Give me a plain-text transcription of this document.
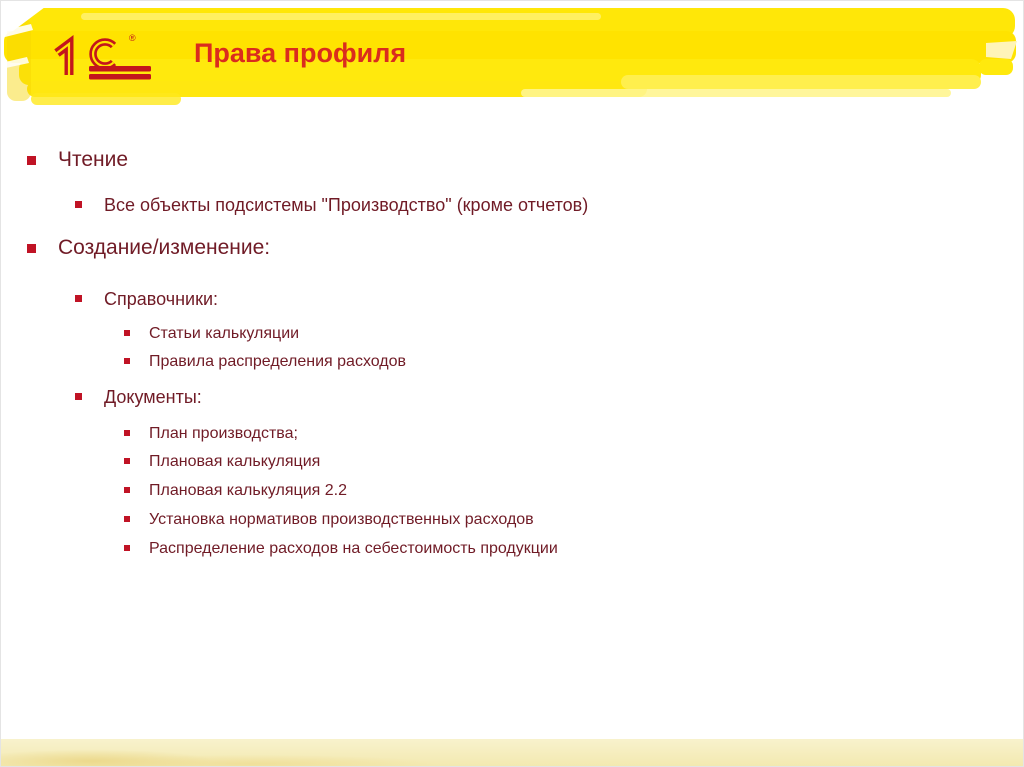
® Права профиля
Чтение
Все объекты подсистемы "Производство" (кроме отчетов)
Создание/изменение:
Справочники:
Статьи калькуляции
Правила распределения расходов
Документы:
План производства;
Плановая калькуляция
Плановая калькуляция 2.2
Установка нормативов производственных расходов
Распределение расходов на себестоимость продукции
